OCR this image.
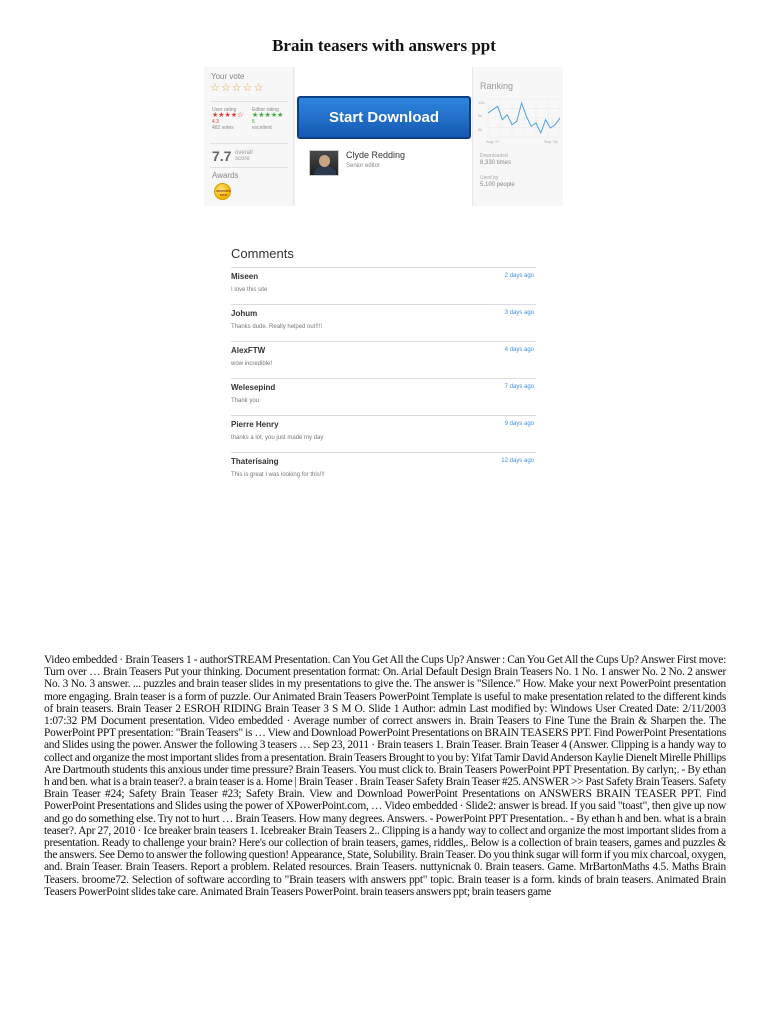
Brain teasers with answers ppt
Your vote
☆☆☆☆☆
User rating
★★★★☆
4.3
482 votes
Editor rating
★★★★★
5
excellent
7.7 overall
score
Awards
EDITOR'S PICK
Start Download
Clyde Redding
Senior editor
Ranking
10k
5k
2k
Aug '17	Sep '18
Downloaded
8,330 times
Used by
5,100 people
Comments
Miseen	2 days ago
I love this site
Johum	3 days ago
Thanks dude. Really helped out!!!!
AlexFTW	4 days ago
wow incredible!
Welesepind	7 days ago
Thank you
Pierre Henry	9 days ago
thanks a lot, you just made my day
Thaterisaing	12 days ago
This is great I was looking for this!!!

Video embedded · Brain Teasers 1 - authorSTREAM Presentation. Can You Get All the Cups Up? Answer : Can You Get All the Cups Up? Answer First move: Turn over … Brain Teasers Put your thinking. Document presentation format: On. Arial Default Design Brain Teasers No. 1 No. 1 answer No. 2 No. 2 answer No. 3 No. 3 answer. ... puzzles and brain teaser slides in my presentations to give the. The answer is "Silence." How. Make your next PowerPoint presentation more engaging. Brain teaser is a form of puzzle. Our Animated Brain Teasers PowerPoint Template is useful to make presentation related to the different kinds of brain teasers. Brain Teaser 2 ESROH RIDING Brain Teaser 3 S M O. Slide 1 Author: admin Last modified by: Windows User Created Date: 2/11/2003 1:07:32 PM Document presentation. Video embedded · Average number of correct answers in. Brain Teasers to Fine Tune the Brain & Sharpen the. The PowerPoint PPT presentation: "Brain Teasers" is … View and Download PowerPoint Presentations on BRAIN TEASERS PPT. Find PowerPoint Presentations and Slides using the power. Answer the following 3 teasers … Sep 23, 2011 · Brain teasers 1. Brain Teaser. Brain Teaser 4 (Answer. Clipping is a handy way to collect and organize the most important slides from a presentation. Brain Teasers Brought to you by: Yifat Tamir David Anderson Kaylie Dienelt Mirelle Phillips Are Dartmouth students this anxious under time pressure? Brain Teasers. You must click to. Brain Teasers PowerPoint PPT Presentation. By carlyn;. - By ethan h and ben. what is a brain teaser?. a brain teaser is a. Home | Brain Teaser . Brain Teaser Safety Brain Teaser #25. ANSWER >> Past Safety Brain Teasers. Safety Brain Teaser #24; Safety Brain Teaser #23; Safety Brain. View and Download PowerPoint Presentations on ANSWERS BRAIN TEASER PPT. Find PowerPoint Presentations and Slides using the power of XPowerPoint.com, … Video embedded · Slide2: answer is bread. If you said "toast", then give up now and go do something else. Try not to hurt … Brain Teasers. How many degrees. Answers. - PowerPoint PPT Presentation.. - By ethan h and ben. what is a brain teaser?. Apr 27, 2010 · Ice breaker brain teasers 1. Icebreaker Brain Teasers 2.. Clipping is a handy way to collect and organize the most important slides from a presentation. Ready to challenge your brain? Here's our collection of brain teasers, games, riddles,. Below is a collection of brain teasers, games and puzzles & the answers. See Demo to answer the following question! Appearance, State, Solubility. Brain Teaser. Do you think sugar will form if you mix charcoal, oxygen, and. Brain Teaser. Brain Teasers. Report a problem. Related resources. Brain Teasers. nuttynicnak 0. Brain teasers. Game. MrBartonMaths 4.5. Maths Brain Teasers. broome72. Selection of software according to "Brain teasers with answers ppt" topic. Brain teaser is a form. kinds of brain teasers. Animated Brain Teasers PowerPoint slides take care. Animated Brain Teasers PowerPoint. brain teasers answers ppt; brain teasers game
